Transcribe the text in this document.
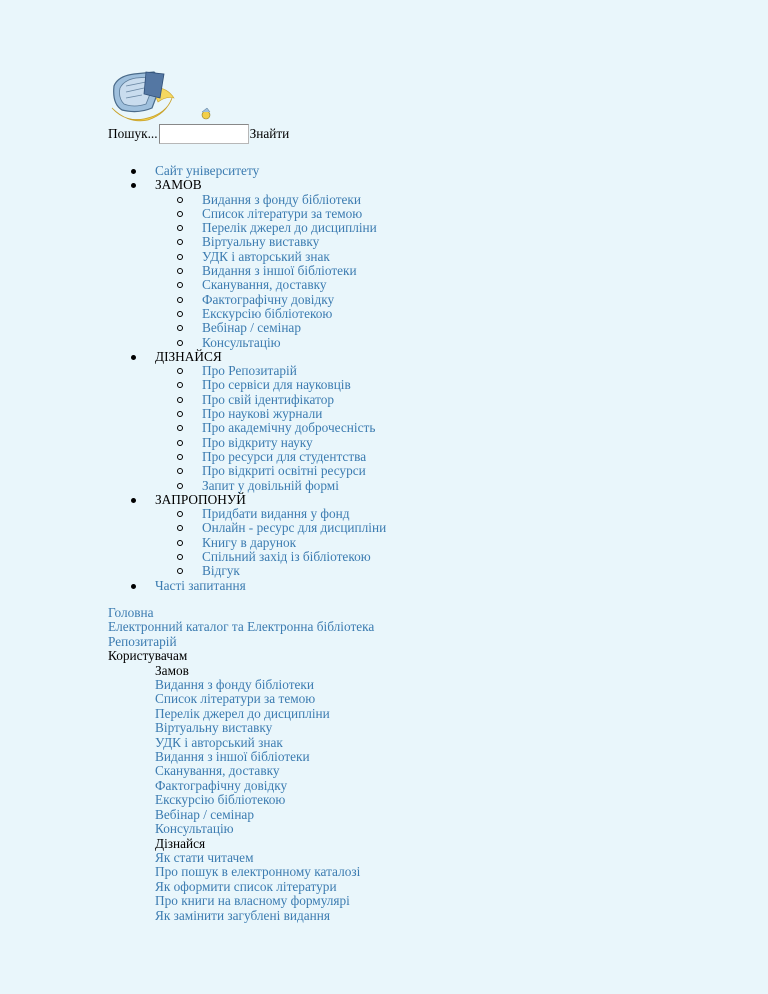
Пошук...	Знайти
Сайт університету
ЗАМОВ
Видання з фонду бібліотеки
Список літератури за темою
Перелік джерел до дисципліни
Віртуальну виставку
УДК і авторський знак
Видання з іншої бібліотеки
Сканування, доставку
Фактографічну довідку
Екскурсію бібліотекою
Вебінар / семінар
Консультацію
ДІЗНАЙСЯ
Про Репозитарій
Про сервіси для науковців
Про свій ідентифікатор
Про наукові журнали
Про академічну доброчесність
Про відкриту науку
Про ресурси для студентства
Про відкриті освітні ресурси
Запит у довільній формі
ЗАПРОПОНУЙ
Придбати видання у фонд
Онлайн - ресурс для дисципліни
Книгу в дарунок
Спільний захід із бібліотекою
Відгук
Часті запитання
Головна
Електронний каталог та Електронна бібліотека
Репозитарій
Користувачам
Замов
Видання з фонду бібліотеки
Список літератури за темою
Перелік джерел до дисципліни
Віртуальну виставку
УДК і авторський знак
Видання з іншої бібліотеки
Сканування, доставку
Фактографічну довідку
Екскурсію бібліотекою
Вебінар / семінар
Консультацію
Дізнайся
Як стати читачем
Про пошук в електронному каталозі
Як оформити список літератури
Про книги на власному формулярі
Як замінити загублені видання
